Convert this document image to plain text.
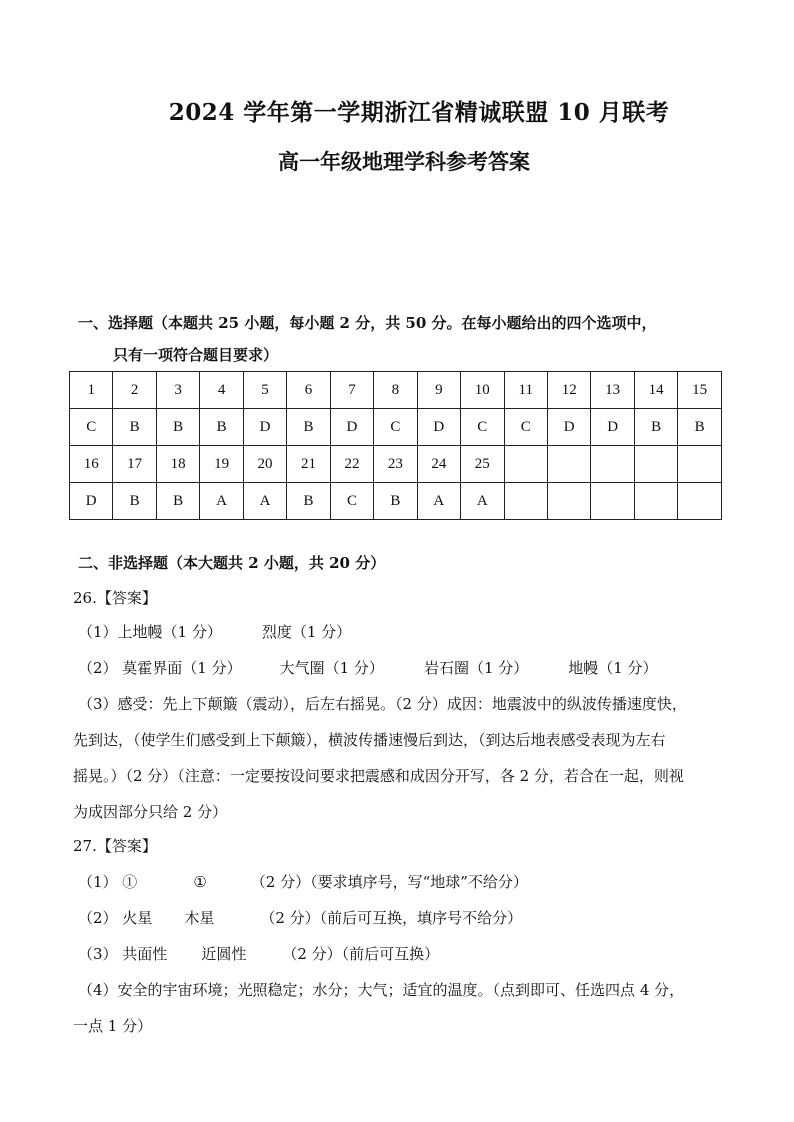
2024 学年第一学期浙江省精诚联盟 10 月联考
高一年级地理学科参考答案
一、选择题（本题共 25 小题，每小题 2 分，共 50 分。在每小题给出的四个选项中，
只有一项符合题目要求）
1	2	3	4	5	6	7	8	9	10	11	12	13	14	15
C	B	B	B	D	B	D	C	D	C	C	D	D	B	B
16	17	18	19	20	21	22	23	24	25					
D	B	B	A	A	B	C	B	A	A					
二、非选择题（本大题共 2 小题，共 20 分）
26.【答案】
（1）上地幔（1 分）	烈度（1 分）
（2） 莫霍界面（1 分）	大气圈（1 分）	岩石圈（1 分）	地幔（1 分）
（3）感受：先上下颠簸（震动），后左右摇晃。（2 分）成因：地震波中的纵波传播速度快，
先到达，（使学生们感受到上下颠簸），横波传播速慢后到达，（到达后地表感受表现为左右
摇晃。）（2 分）（注意：一定要按设问要求把震感和成因分开写，各 2 分，若合在一起，则视
为成因部分只给 2 分）
27.【答案】
（1） ①	①	（2 分）（要求填序号，写“地球”不给分）
（2） 火星 木星	（2 分）（前后可互换，填序号不给分）
（3） 共面性 近圆性 （2 分）（前后可互换）
（4）安全的宇宙环境；光照稳定；水分；大气；适宜的温度。（点到即可、任选四点 4 分，
一点 1 分）
